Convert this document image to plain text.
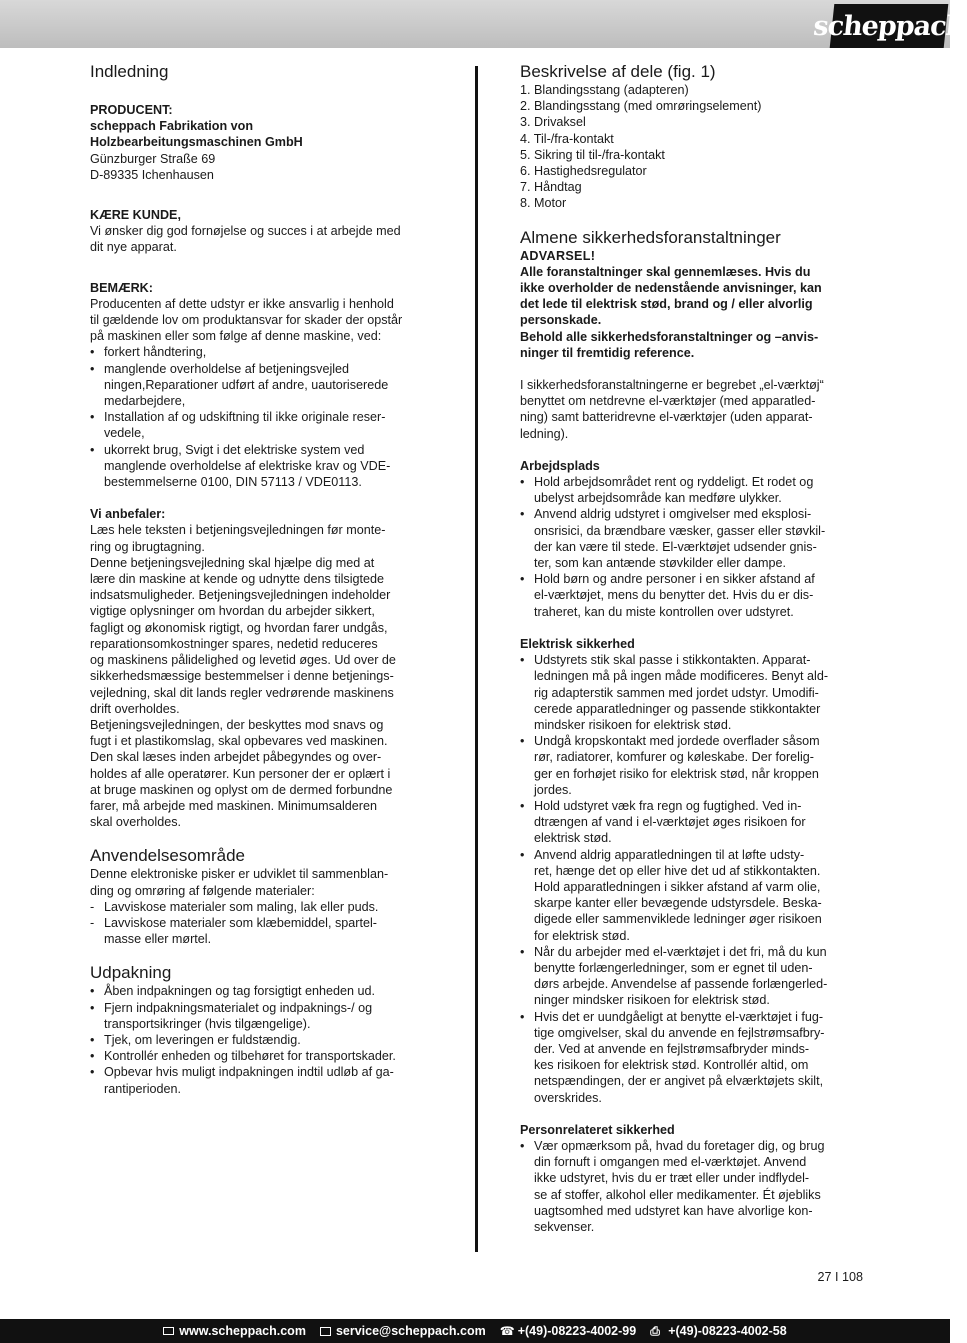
scheppach
Indledning

PRODUCENT:

scheppach Fabrikation von

Holzbearbeitungsmaschinen GmbH

Günzburger Straße 69

D-89335 Ichenhausen

KÆRE KUNDE,

Vi ønsker dig god fornøjelse og succes i at arbejde med

dit nye apparat.

BEMÆRK:

Producenten af dette udstyr er ikke ansvarlig i henhold

til gældende lov om produktansvar for skader der opstår

på maskinen eller som følge af denne maskine, ved:

• forkert håndtering,
• manglende overholdelse af betjeningsvejled
ningen,Reparationer udført af andre, uautoriserede
medarbejdere,
• Installation af og udskiftning til ikke originale reser-
vedele,
• ukorrekt brug, Svigt i det elektriske system ved
manglende overholdelse af elektriske krav og VDE-
bestemmelserne 0100, DIN 57113 / VDE0113.

Vi anbefaler:

Læs hele teksten i betjeningsvejledningen før monte-

ring og ibrugtagning.

Denne betjeningsvejledning skal hjælpe dig med at

lære din maskine at kende og udnytte dens tilsigtede

indsatsmuligheder. Betjeningsvejledningen indeholder

vigtige oplysninger om hvordan du arbejder sikkert,

fagligt og økonomisk rigtigt, og hvordan farer undgås,

reparationsomkostninger spares, nedetid reduceres

og maskinens pålidelighed og levetid øges. Ud over de

sikkerhedsmæssige bestemmelser i denne betjenings-

vejledning, skal dit lands regler vedrørende maskinens

drift overholdes.

Betjeningsvejledningen, der beskyttes mod snavs og

fugt i et plastikomslag, skal opbevares ved maskinen.

Den skal læses inden arbejdet påbegyndes og over-

holdes af alle operatører. Kun personer der er oplært i

at bruge maskinen og oplyst om de dermed forbundne

farer, må arbejde med maskinen. Minimumsalderen

skal overholdes.

Anvendelsesområde

Denne elektroniske pisker er udviklet til sammenblan-

ding og omrøring af følgende materialer:

- Lavviskose materialer som maling, lak eller puds.
- Lavviskose materialer som klæbemiddel, spartel-
masse eller mørtel.
Udpakning
• Åben indpakningen og tag forsigtigt enheden ud.
• Fjern indpakningsmaterialet og indpaknings-/ og
transportsikringer (hvis tilgængelige).
• Tjek, om leveringen er fuldstændig.
• Kontrollér enheden og tilbehøret for transportskader.
• Opbevar hvis muligt indpakningen indtil udløb af ga-
rantiperioden.
Beskrivelse af dele (fig. 1)

1. Blandingsstang (adapteren)

2. Blandingsstang (med omrøringselement)

3. Drivaksel

4. Til-/fra-kontakt

5. Sikring til til-/fra-kontakt

6. Hastighedsregulator

7. Håndtag

8. Motor

Almene sikkerhedsforanstaltninger

ADVARSEL!

Alle foranstaltninger skal gennemlæses. Hvis du

ikke overholder de nedenstående anvisninger, kan

det lede til elektrisk stød, brand og / eller alvorlig

personskade.

Behold alle sikkerhedsforanstaltninger og –anvis-

ninger til fremtidig reference.

I sikkerhedsforanstaltningerne er begrebet „el-værktøj“

benyttet om netdrevne el-værktøjer (med apparatled-

ning) samt batteridrevne el-værktøjer (uden apparat-

ledning).

Arbejdsplads

• Hold arbejdsområdet rent og ryddeligt. Et rodet og
ubelyst arbejdsområde kan medføre ulykker.
• Anvend aldrig udstyret i omgivelser med eksplosi-
onsrisici, da brændbare væsker, gasser eller støvkil-
der kan være til stede. El-værktøjet udsender gnis-
ter, som kan antænde støvkilder eller dampe.
• Hold børn og andre personer i en sikker afstand af
el-værktøjet, mens du benytter det. Hvis du er dis-
traheret, kan du miste kontrollen over udstyret.

Elektrisk sikkerhed

• Udstyrets stik skal passe i stikkontakten. Apparat-
ledningen må på ingen måde modificeres. Benyt ald-
rig adapterstik sammen med jordet udstyr. Umodifi-
cerede apparatledninger og passende stikkontakter
mindsker risikoen for elektrisk stød.
• Undgå kropskontakt med jordede overflader såsom
rør, radiatorer, komfurer og køleskabe. Der forelig-
ger en forhøjet risiko for elektrisk stød, når kroppen
jordes.
• Hold udstyret væk fra regn og fugtighed. Ved in-
dtrængen af vand i el-værktøjet øges risikoen for
elektrisk stød.
• Anvend aldrig apparatledningen til at løfte udsty-
ret, hænge det op eller hive det ud af stikkontakten.
Hold apparatledningen i sikker afstand af varm olie,
skarpe kanter eller bevægende udstyrsdele. Beska-
digede eller sammenviklede ledninger øger risikoen
for elektrisk stød.
• Når du arbejder med el-værktøjet i det fri, må du kun
benytte forlængerledninger, som er egnet til uden-
dørs arbejde. Anvendelse af passende forlængerled-
ninger mindsker risikoen for elektrisk stød.
• Hvis det er uundgåeligt at benytte el-værktøjet i fug-
tige omgivelser, skal du anvende en fejlstrømsafbry-
der. Ved at anvende en fejlstrømsafbryder minds-
kes risikoen for elektrisk stød. Kontrollér altid, om
netspændingen, der er angivet på elværktøjets skilt,
overskrides.

Personrelateret sikkerhed

• Vær opmærksom på, hvad du foretager dig, og brug
din fornuft i omgangen med el-værktøjet. Anvend
ikke udstyret, hvis du er træt eller under indflydel-
se af stoffer, alkohol eller medikamenter. Ét øjebliks
uagtsomhed med udstyret kan have alvorlige kon-
sekvenser.
27 I 108
www.scheppach.com service@scheppach.com ☎ +(49)-08223-4002-99 ⎙ +(49)-08223-4002-58
